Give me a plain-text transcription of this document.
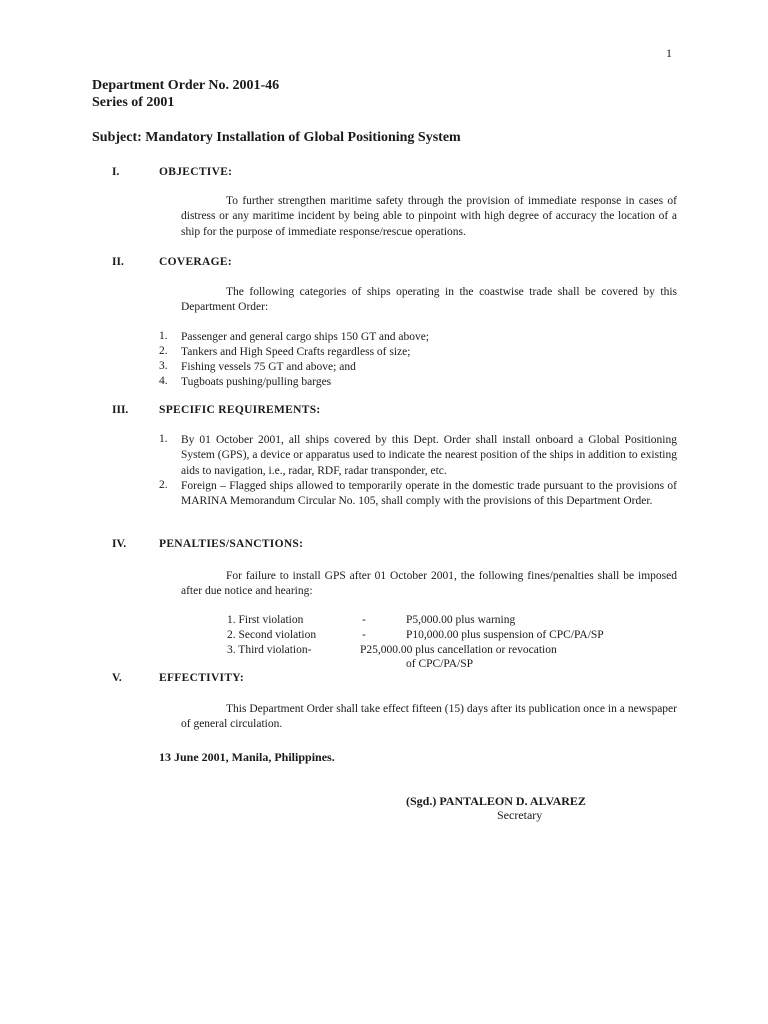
1
Department Order No. 2001-46
Series of 2001
Subject: Mandatory Installation of Global Positioning System
I.	OBJECTIVE:

To further strengthen maritime safety through the provision of immediate response in cases of distress or any maritime incident by being able to pinpoint with high degree of accuracy the location of a ship for the purpose of immediate response/rescue operations.

II.	COVERAGE:

The following categories of ships operating in the coastwise trade shall be covered by this Department Order:

1. Passenger and general cargo ships 150 GT and above;
2. Tankers and High Speed Crafts regardless of size;
3. Fishing vessels 75 GT and above; and
4. Tugboats pushing/pulling barges
III.	SPECIFIC REQUIREMENTS:
1. By 01 October 2001, all ships covered by this Dept. Order shall install onboard a Global Positioning System (GPS), a device or apparatus used to indicate the nearest position of the ships in addition to existing aids to navigation, i.e., radar, RDF, radar transponder, etc.

2. Foreign – Flagged ships allowed to temporarily operate in the domestic trade pursuant to the provisions of MARINA Memorandum Circular No. 105, shall comply with the provisions of this Department Order.

IV.	PENALTIES/SANCTIONS:

For failure to install GPS after 01 October 2001, the following fines/penalties shall be imposed after due notice and hearing:

1. First violation	-	P5,000.00 plus warning
2. Second violation	-	P10,000.00 plus suspension of CPC/PA/SP
3. Third violation-	P25,000.00 plus cancellation or revocation
of CPC/PA/SP
V.	EFFECTIVITY:

This Department Order shall take effect fifteen (15) days after its publication once in a newspaper of general circulation.

13 June 2001, Manila, Philippines.
(Sgd.) PANTALEON D. ALVAREZ
Secretary
